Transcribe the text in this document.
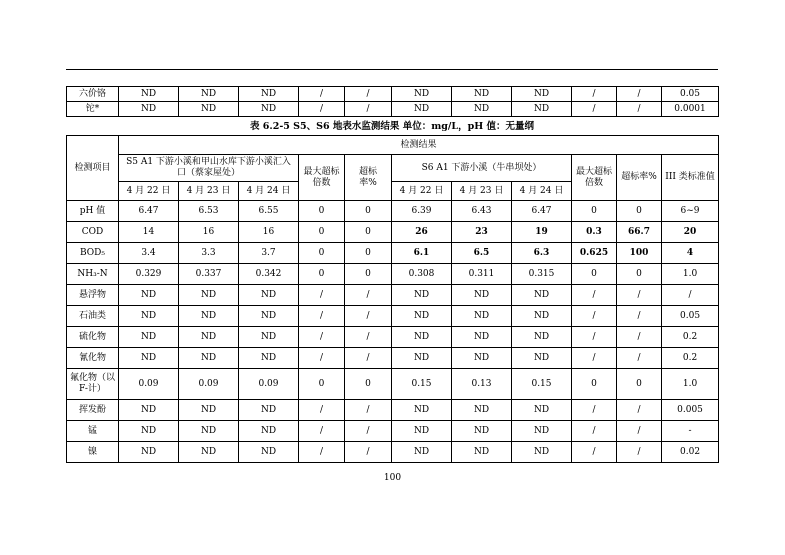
六价铬	ND	ND	ND	/	/	ND	ND	ND	/	/	0.05
铊*	ND	ND	ND	/	/	ND	ND	ND	/	/	0.0001
表 6.2-5 S5、S6 地表水监测结果 单位：mg/L，pH 值：无量纲
检测项目	检测结果										
	S5 A1 下游小溪和甲山水库下游小溪汇入口（蔡家屋处）			最大超标倍数	超标率%	S6 A1 下游小溪（牛串坝处）			最大超标倍数	超标率%	III 类标准值
	4 月 22 日	4 月 23 日	4 月 24 日			4 月 22 日	4 月 23 日	4 月 24 日			
pH 值	6.47	6.53	6.55	0	0	6.39	6.43	6.47	0	0	6~9
COD	14	16	16	0	0	26	23	19	0.3	66.7	20
BOD₅	3.4	3.3	3.7	0	0	6.1	6.5	6.3	0.625	100	4
NH₃-N	0.329	0.337	0.342	0	0	0.308	0.311	0.315	0	0	1.0
悬浮物	ND	ND	ND	/	/	ND	ND	ND	/	/	/
石油类	ND	ND	ND	/	/	ND	ND	ND	/	/	0.05
硫化物	ND	ND	ND	/	/	ND	ND	ND	/	/	0.2
氰化物	ND	ND	ND	/	/	ND	ND	ND	/	/	0.2
氟化物（以 F-计）	0.09	0.09	0.09	0	0	0.15	0.13	0.15	0	0	1.0
挥发酚	ND	ND	ND	/	/	ND	ND	ND	/	/	0.005
锰	ND	ND	ND	/	/	ND	ND	ND	/	/	-
镍	ND	ND	ND	/	/	ND	ND	ND	/	/	0.02
100
